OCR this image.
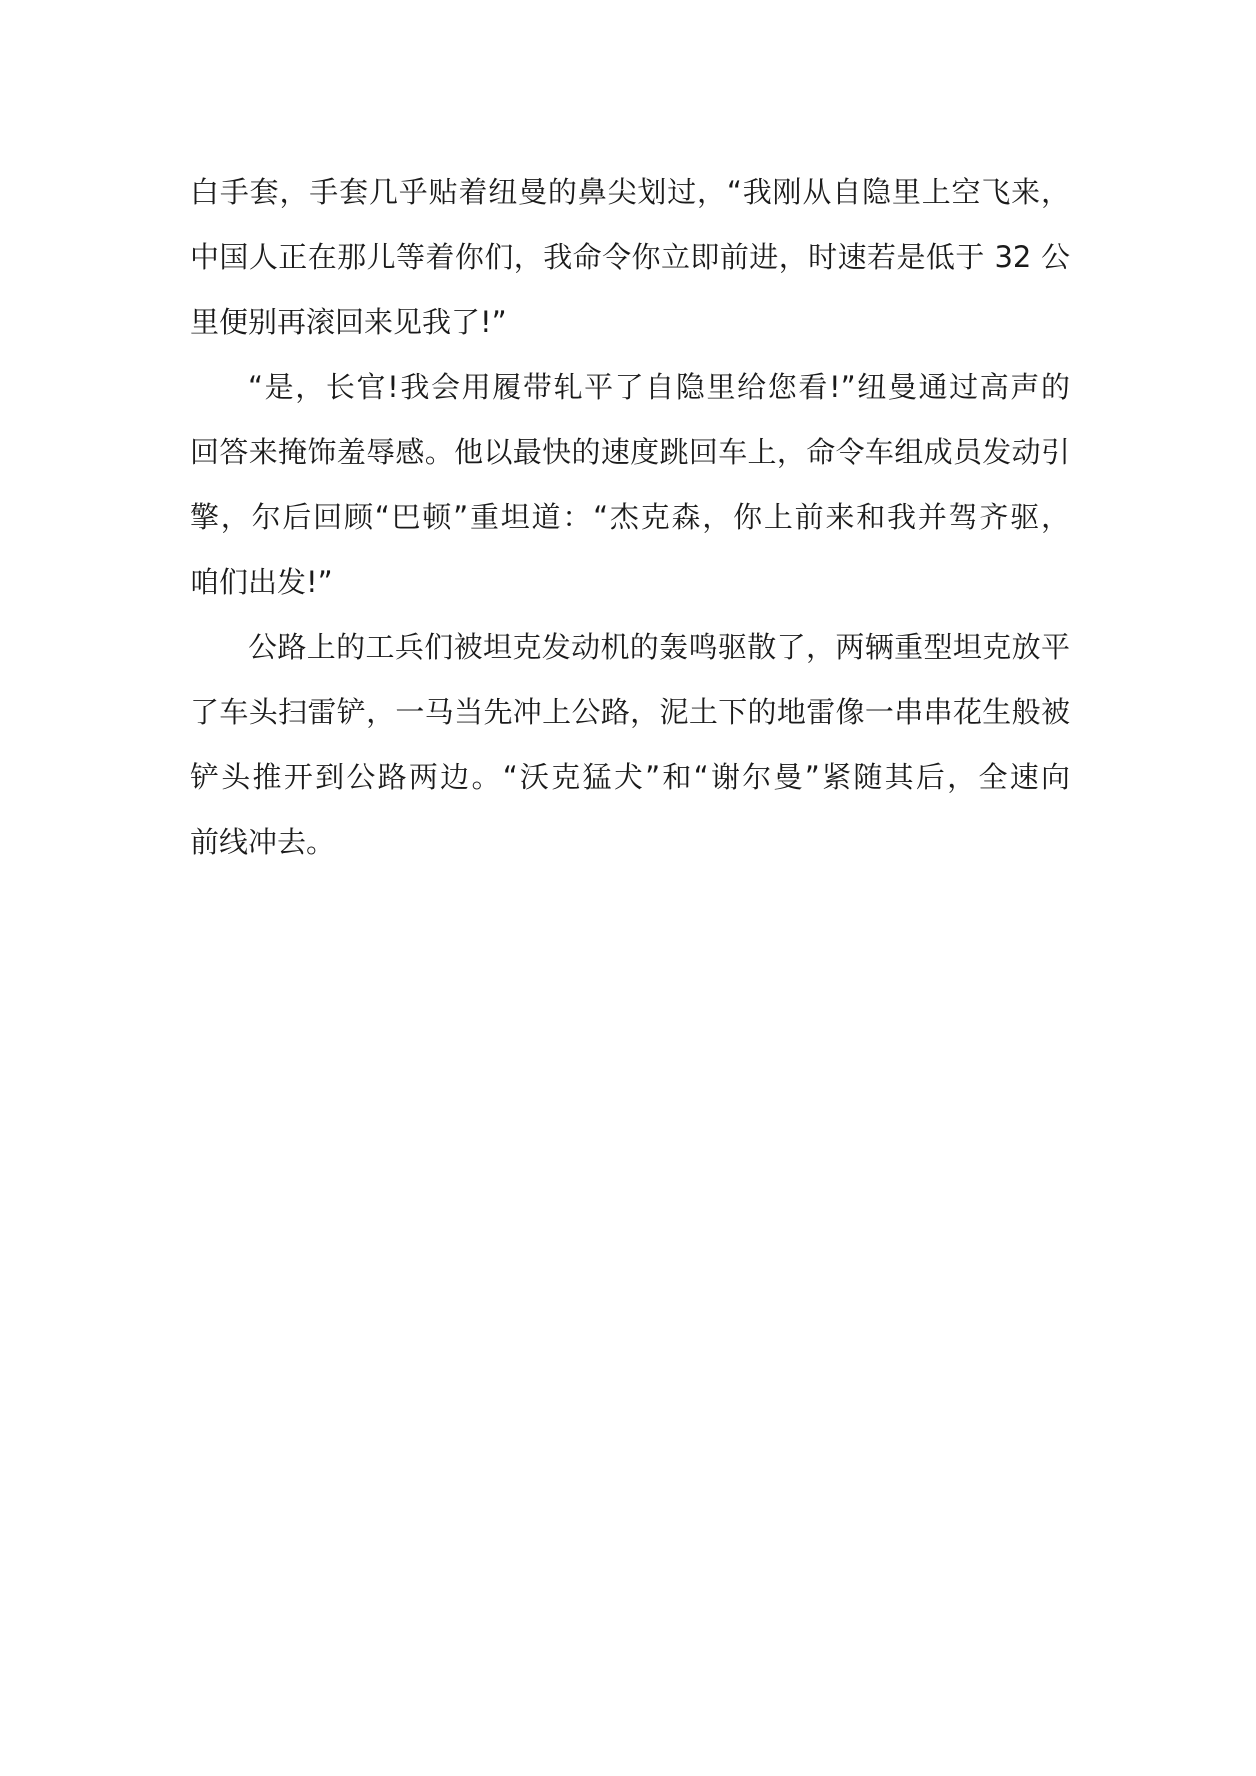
白手套，手套几乎贴着纽曼的鼻尖划过，“我刚从自隐里上空飞来，
中国人正在那儿等着你们，我命令你立即前进，时速若是低于 32 公
里便别再滚回来见我了!”
“是，长官!我会用履带轧平了自隐里给您看!”纽曼通过高声的
回答来掩饰羞辱感。他以最快的速度跳回车上，命令车组成员发动引
擎，尔后回顾“巴顿”重坦道：“杰克森，你上前来和我并驾齐驱，
咱们出发!”
公路上的工兵们被坦克发动机的轰鸣驱散了，两辆重型坦克放平
了车头扫雷铲，一马当先冲上公路，泥土下的地雷像一串串花生般被
铲头推开到公路两边。“沃克猛犬”和“谢尔曼”紧随其后，全速向
前线冲去。
